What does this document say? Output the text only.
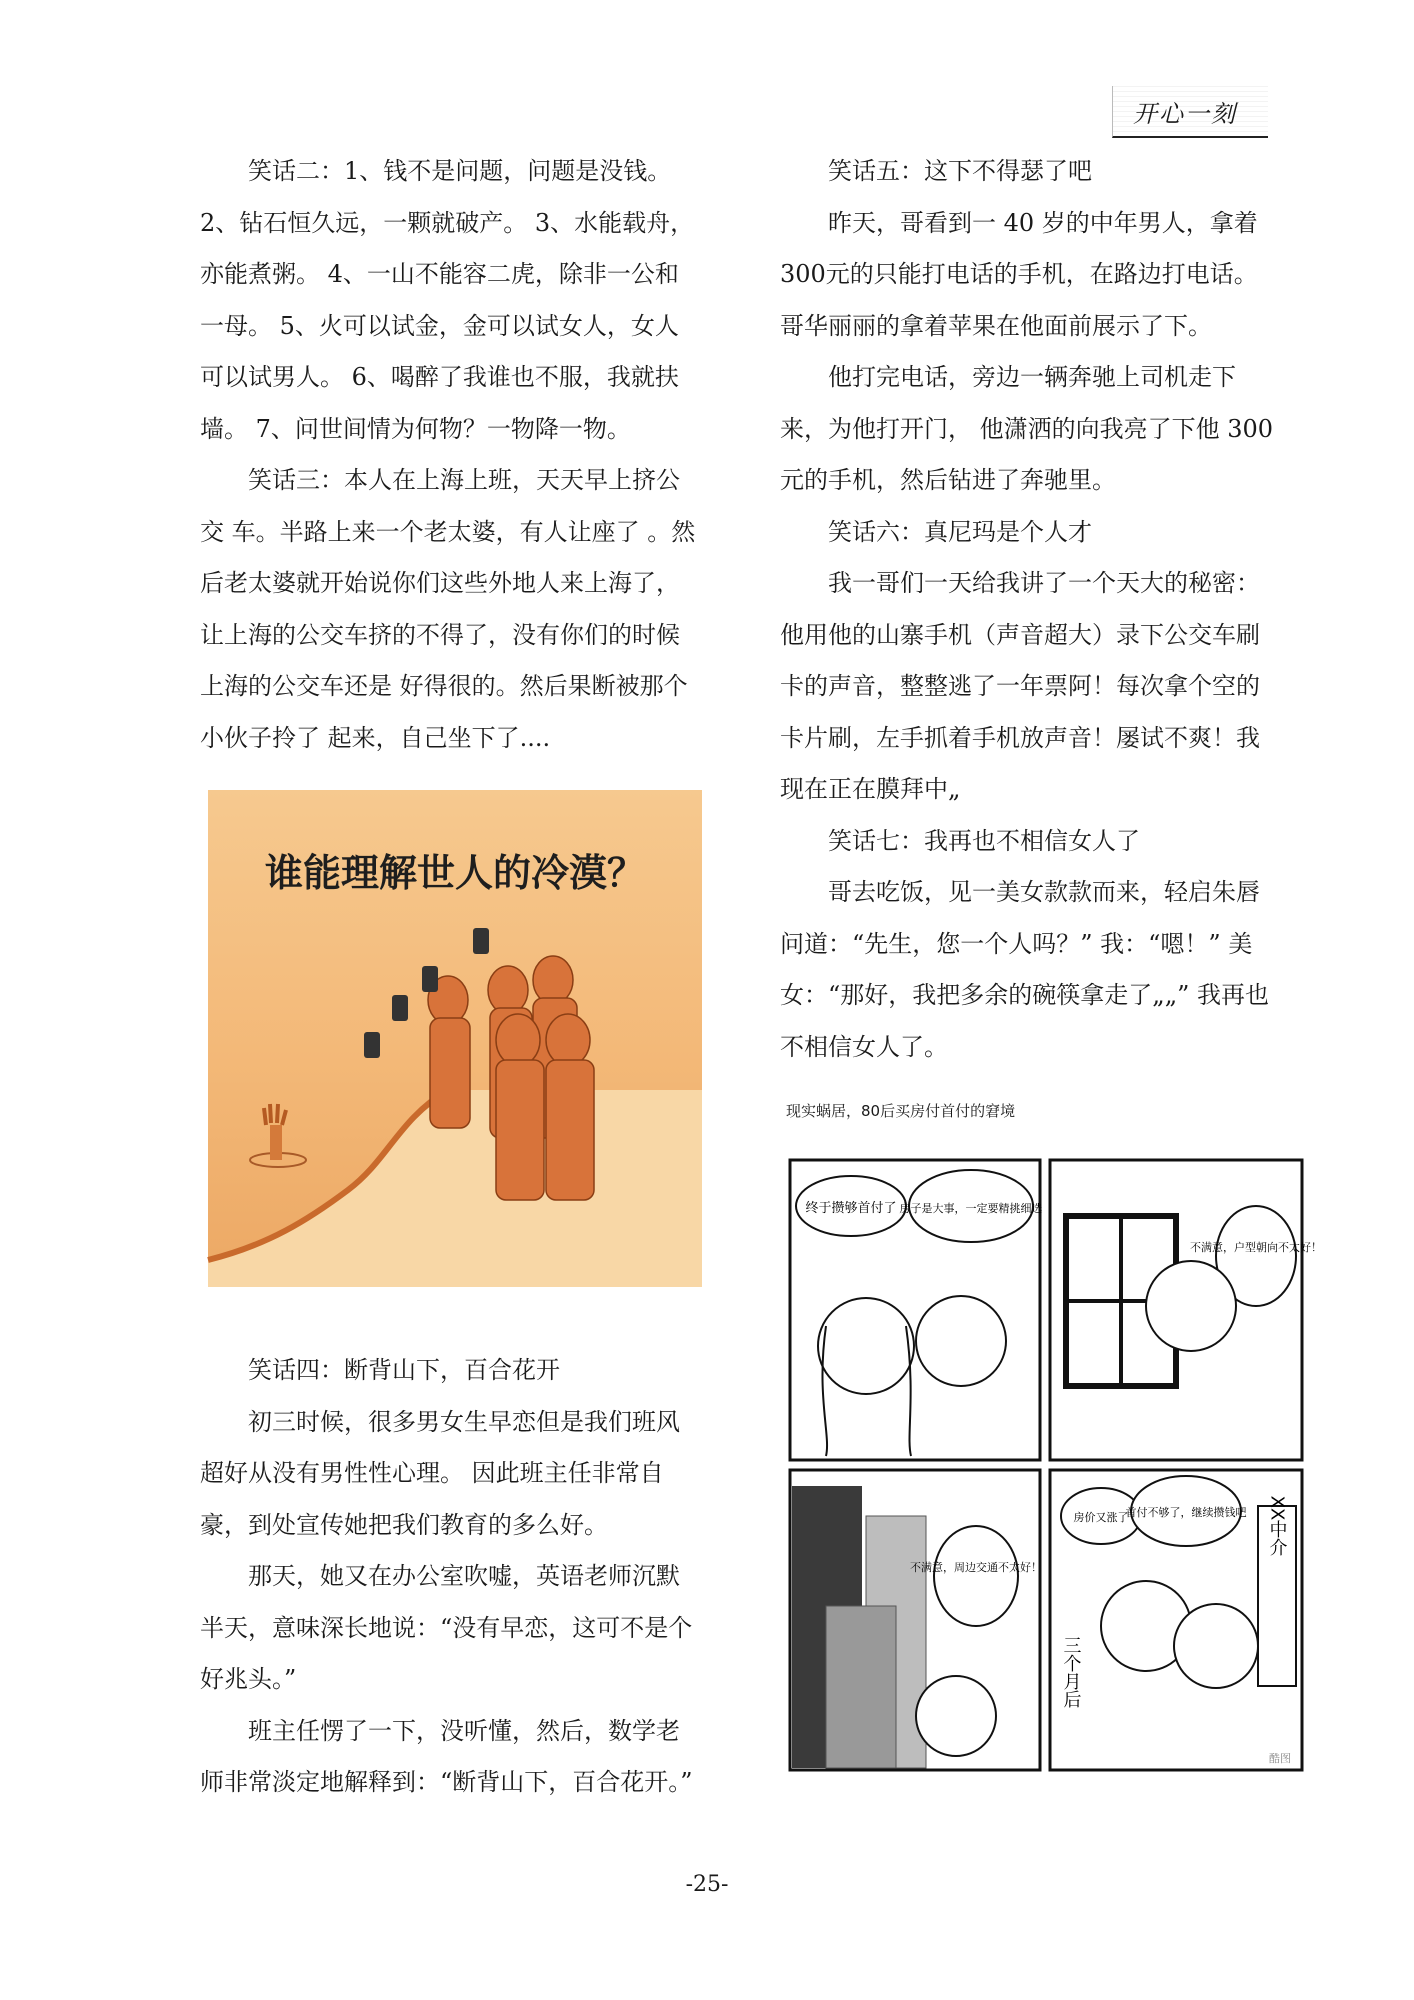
开心一刻

笑话二：1、钱不是问题，问题是没钱。2、钻石恒久远，一颗就破产。 3、水能载舟，亦能煮粥。 4、一山不能容二虎，除非一公和一母。 5、火可以试金，金可以试女人，女人可以试男人。 6、喝醉了我谁也不服，我就扶墙。 7、问世间情为何物？一物降一物。

笑话三：本人在上海上班，天天早上挤公交 车。半路上来一个老太婆，有人让座了 。然后老太婆就开始说你们这些外地人来上海了，让上海的公交车挤的不得了，没有你们的时候上海的公交车还是 好得很的。然后果断被那个小伙子拎了 起来，自己坐下了....

谁能理解世人的冷漠？

笑话四：断背山下，百合花开

初三时候，很多男女生早恋但是我们班风超好从没有男性性心理。 因此班主任非常自豪，到处宣传她把我们教育的多么好。

那天，她又在办公室吹嘘，英语老师沉默半天，意味深长地说：“没有早恋，这可不是个好兆头。”

班主任愣了一下，没听懂，然后，数学老师非常淡定地解释到：“断背山下，百合花开。”

笑话五：这下不得瑟了吧

昨天，哥看到一 40 岁的中年男人，拿着300元的只能打电话的手机，在路边打电话。哥华丽丽的拿着苹果在他面前展示了下。

他打完电话，旁边一辆奔驰上司机走下来，为他打开门， 他潇洒的向我亮了下他 300 元的手机，然后钻进了奔驰里。

笑话六：真尼玛是个人才

我一哥们一天给我讲了一个天大的秘密：他用他的山寨手机（声音超大）录下公交车刷卡的声音，整整逃了一年票阿！每次拿个空的卡片刷，左手抓着手机放声音！屡试不爽！我现在正在膜拜中„

笑话七：我再也不相信女人了

哥去吃饭，见一美女款款而来，轻启朱唇问道：“先生，您一个人吗？” 我：“嗯！” 美女：“那好，我把多余的碗筷拿走了„„” 我再也不相信女人了。

现实蜗居，80后买房付首付的窘境
终于攒够首付了 房子是大事，一定要精挑细选
不满意，户型朝向不太好！
不满意，周边交通不太好！
房价又涨了
首付不够了，继续攒钱吧 XX中介
三个月后
酷图
-25-
